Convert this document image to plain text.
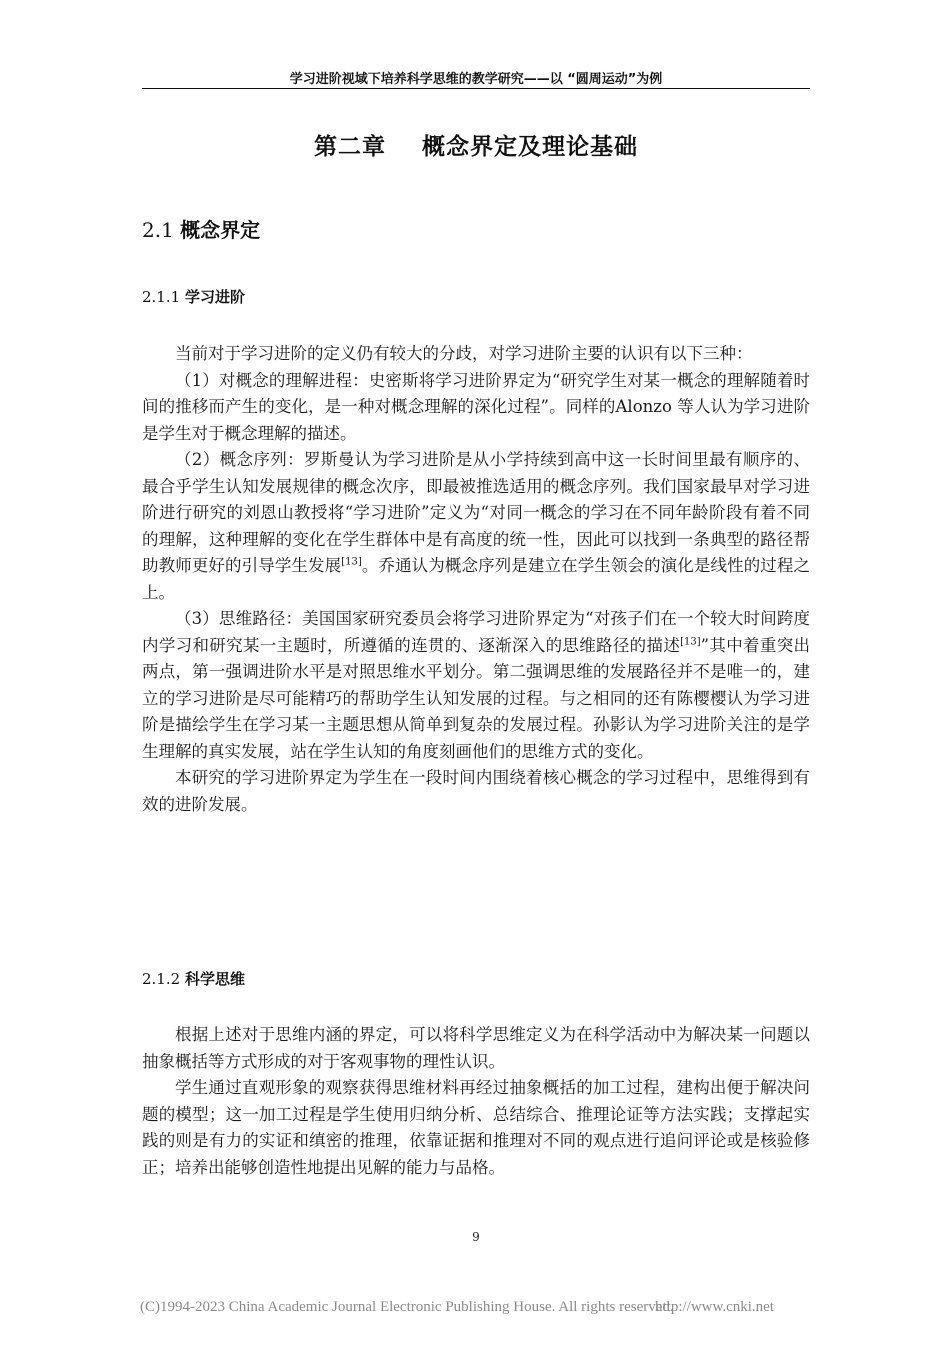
学习进阶视域下培养科学思维的教学研究——以 “圆周运动”为例
第二章    概念界定及理论基础
2.1 概念界定
2.1.1 学习进阶

当前对于学习进阶的定义仍有较大的分歧，对学习进阶主要的认识有以下三种：

（1）对概念的理解进程：史密斯将学习进阶界定为“研究学生对某一概念的理解随着时间的推移而产生的变化，是一种对概念理解的深化过程”。同样的Alonzo 等人认为学习进阶是学生对于概念理解的描述。

（2）概念序列：罗斯曼认为学习进阶是从小学持续到高中这一长时间里最有顺序的、最合乎学生认知发展规律的概念次序，即最被推选适用的概念序列。我们国家最早对学习进阶进行研究的刘恩山教授将“学习进阶”定义为“对同一概念的学习在不同年龄阶段有着不同的理解，这种理解的变化在学生群体中是有高度的统一性，因此可以找到一条典型的路径帮助教师更好的引导学生发展[13]。乔通认为概念序列是建立在学生领会的演化是线性的过程之上。

（3）思维路径：美国国家研究委员会将学习进阶界定为“对孩子们在一个较大时间跨度内学习和研究某一主题时，所遵循的连贯的、逐渐深入的思维路径的描述[13]”其中着重突出两点，第一强调进阶水平是对照思维水平划分。第二强调思维的发展路径并不是唯一的，建立的学习进阶是尽可能精巧的帮助学生认知发展的过程。与之相同的还有陈樱樱认为学习进阶是描绘学生在学习某一主题思想从简单到复杂的发展过程。孙影认为学习进阶关注的是学生理解的真实发展，站在学生认知的角度刻画他们的思维方式的变化。

本研究的学习进阶界定为学生在一段时间内围绕着核心概念的学习过程中，思维得到有效的进阶发展。

2.1.2 科学思维

根据上述对于思维内涵的界定，可以将科学思维定义为在科学活动中为解决某一问题以抽象概括等方式形成的对于客观事物的理性认识。

学生通过直观形象的观察获得思维材料再经过抽象概括的加工过程，建构出便于解决问题的模型；这一加工过程是学生使用归纳分析、总结综合、推理论证等方法实践；支撑起实践的则是有力的实证和缜密的推理，依靠证据和推理对不同的观点进行追问评论或是核验修正；培养出能够创造性地提出见解的能力与品格。

9
(C)1994-2023 China Academic Journal Electronic Publishing House. All rights reserved.
http://www.cnki.net
